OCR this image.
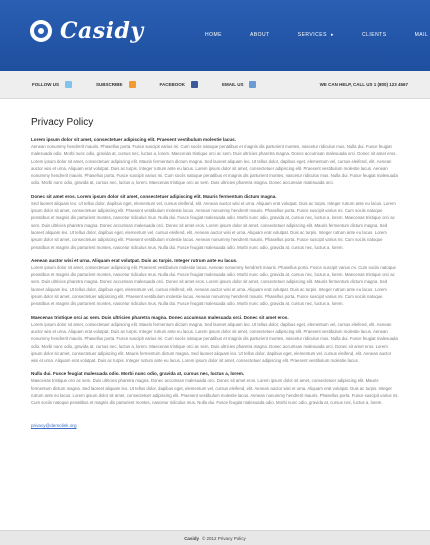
Casidy	HOME	ABOUT	SERVICES ▸	CLIENTS	MAIL
FOLLOW US	SUBSCRIBE	FACEBOOK	EMAIL US	WE CAN HELP, CALL US 1 (800) 123 4567
Privacy Policy

Lorem ipsum dolor sit amet, consectetuer adipiscing elit. Praesent vestibulum molestie lacus.

Aenean nonummy hendrerit mauris. Phasellus porta. Fusce suscipit varius mi. Cum sociis natoque penatibus et magnis dis parturient montes, nascetur ridiculus mus. Nulla dui. Fusce feugiat malesuada odio. Morbi nunc odio, gravida at, cursus nec, luctus a, lorem. Maecenas tristique orci ac sem. Duis ultricies pharetra magna. Donec accumsan malesuada orci. Donec sit amet eros. Lorem ipsum dolor sit amet, consectetuer adipiscing elit. Mauris fermentum dictum magna. Sed laoreet aliquam leo. Ut tellus dolor, dapibus eget, elementum vel, cursus eleifend, elit. Aenean auctor wisi et urna. Aliquam erat volutpat. Duis ac turpis. Integer rutrum ante eu lacus. Lorem ipsum dolor sit amet, consectetuer adipiscing elit. Praesent vestibulum molestie lacus. Aenean nonummy hendrerit mauris. Phasellus porta. Fusce suscipit varius mi. Cum sociis natoque penatibus et magnis dis parturient montes, nascetur ridiculus mus. Nulla dui. Fusce feugiat malesuada odio. Morbi nunc odio, gravida at, cursus nec, luctus a, lorem. Maecenas tristique orci ac sem. Duis ultricies pharetra magna. Donec accumsan malesuada orci.

Donec sit amet eros. Lorem ipsum dolor sit amet, consectetuer adipiscing elit. Mauris fermentum dictum magna.

Sed laoreet aliquam leo. Ut tellus dolor, dapibus eget, elementum vel, cursus eleifend, elit. Aenean auctor wisi et urna. Aliquam erat volutpat. Duis ac turpis. Integer rutrum ante eu lacus. Lorem ipsum dolor sit amet, consectetuer adipiscing elit. Praesent vestibulum molestie lacus. Aenean nonummy hendrerit mauris. Phasellus porta. Fusce suscipit varius mi. Cum sociis natoque penatibus et magnis dis parturient montes, nascetur ridiculus mus. Nulla dui. Fusce feugiat malesuada odio. Morbi nunc odio, gravida at, cursus nec, luctus a, lorem. Maecenas tristique orci ac sem. Duis ultricies pharetra magna. Donec accumsan malesuada orci. Donec sit amet eros. Lorem ipsum dolor sit amet, consectetuer adipiscing elit. Mauris fermentum dictum magna. Sed laoreet aliquam leo. Ut tellus dolor, dapibus eget, elementum vel, cursus eleifend, elit. Aenean auctor wisi et urna. Aliquam erat volutpat. Duis ac turpis. Integer rutrum ante eu lacus. Lorem ipsum dolor sit amet, consectetuer adipiscing elit. Praesent vestibulum molestie lacus. Aenean nonummy hendrerit mauris. Phasellus porta. Fusce suscipit varius mi. Cum sociis natoque penatibus et magnis dis parturient montes, nascetur ridiculus mus. Nulla dui. Fusce feugiat malesuada odio. Morbi nunc odio, gravida at, cursus nec, luctus a, lorem.

Aenean auctor wisi et urna. Aliquam erat volutpat. Duis ac turpis. Integer rutrum ante eu lacus.

Lorem ipsum dolor sit amet, consectetuer adipiscing elit. Praesent vestibulum molestie lacus. Aenean nonummy hendrerit mauris. Phasellus porta. Fusce suscipit varius mi. Cum sociis natoque penatibus et magnis dis parturient montes, nascetur ridiculus mus. Nulla dui. Fusce feugiat malesuada odio. Morbi nunc odio, gravida at, cursus nec, luctus a, lorem. Maecenas tristique orci ac sem. Duis ultricies pharetra magna. Donec accumsan malesuada orci. Donec sit amet eros. Lorem ipsum dolor sit amet, consectetuer adipiscing elit. Mauris fermentum dictum magna. Sed laoreet aliquam leo. Ut tellus dolor, dapibus eget, elementum vel, cursus eleifend, elit. Aenean auctor wisi et urna. Aliquam erat volutpat. Duis ac turpis. Integer rutrum ante eu lacus. Lorem ipsum dolor sit amet, consectetuer adipiscing elit. Praesent vestibulum molestie lacus. Aenean nonummy hendrerit mauris. Phasellus porta. Fusce suscipit varius mi. Cum sociis natoque penatibus et magnis dis parturient montes, nascetur ridiculus mus. Nulla dui. Fusce feugiat malesuada odio. Morbi nunc odio, gravida at, cursus nec, luctus a, lorem.

Maecenas tristique orci ac sem. Duis ultricies pharetra magna. Donec accumsan malesuada orci. Donec sit amet eros.

Lorem ipsum dolor sit amet, consectetuer adipiscing elit. Mauris fermentum dictum magna. Sed laoreet aliquam leo. Ut tellus dolor, dapibus eget, elementum vel, cursus eleifend, elit. Aenean auctor wisi et urna. Aliquam erat volutpat. Duis ac turpis. Integer rutrum ante eu lacus. Lorem ipsum dolor sit amet, consectetuer adipiscing elit. Praesent vestibulum molestie lacus. Aenean nonummy hendrerit mauris. Phasellus porta. Fusce suscipit varius mi. Cum sociis natoque penatibus et magnis dis parturient montes, nascetur ridiculus mus. Nulla dui. Fusce feugiat malesuada odio. Morbi nunc odio, gravida at, cursus nec, luctus a, lorem. Maecenas tristique orci ac sem. Duis ultricies pharetra magna. Donec accumsan malesuada orci. Donec sit amet eros. Lorem ipsum dolor sit amet, consectetuer adipiscing elit. Mauris fermentum dictum magna. Sed laoreet aliquam leo. Ut tellus dolor, dapibus eget, elementum vel, cursus eleifend, elit. Aenean auctor wisi et urna. Aliquam erat volutpat. Duis ac turpis. Integer rutrum ante eu lacus. Lorem ipsum dolor sit amet, consectetuer adipiscing elit. Praesent vestibulum molestie lacus.

Nulla dui. Fusce feugiat malesuada odio. Morbi nunc odio, gravida at, cursus nec, luctus a, lorem.

Maecenas tristique orci ac sem. Duis ultricies pharetra magna. Donec accumsan malesuada orci. Donec sit amet eros. Lorem ipsum dolor sit amet, consectetuer adipiscing elit. Mauris fermentum dictum magna. Sed laoreet aliquam leo. Ut tellus dolor, dapibus eget, elementum vel, cursus eleifend, elit. Aenean auctor wisi et urna. Aliquam erat volutpat. Duis ac turpis. Integer rutrum ante eu lacus. Lorem ipsum dolor sit amet, consectetuer adipiscing elit. Praesent vestibulum molestie lacus. Aenean nonummy hendrerit mauris. Phasellus porta. Fusce suscipit varius mi. Cum sociis natoque penatibus et magnis dis parturient montes, nascetur ridiculus mus. Nulla dui. Fusce feugiat malesuada odio. Morbi nunc odio, gravida at, cursus nec, luctus a, lorem.

privacy@demolink.org
Casidy © 2012 Privacy Policy
